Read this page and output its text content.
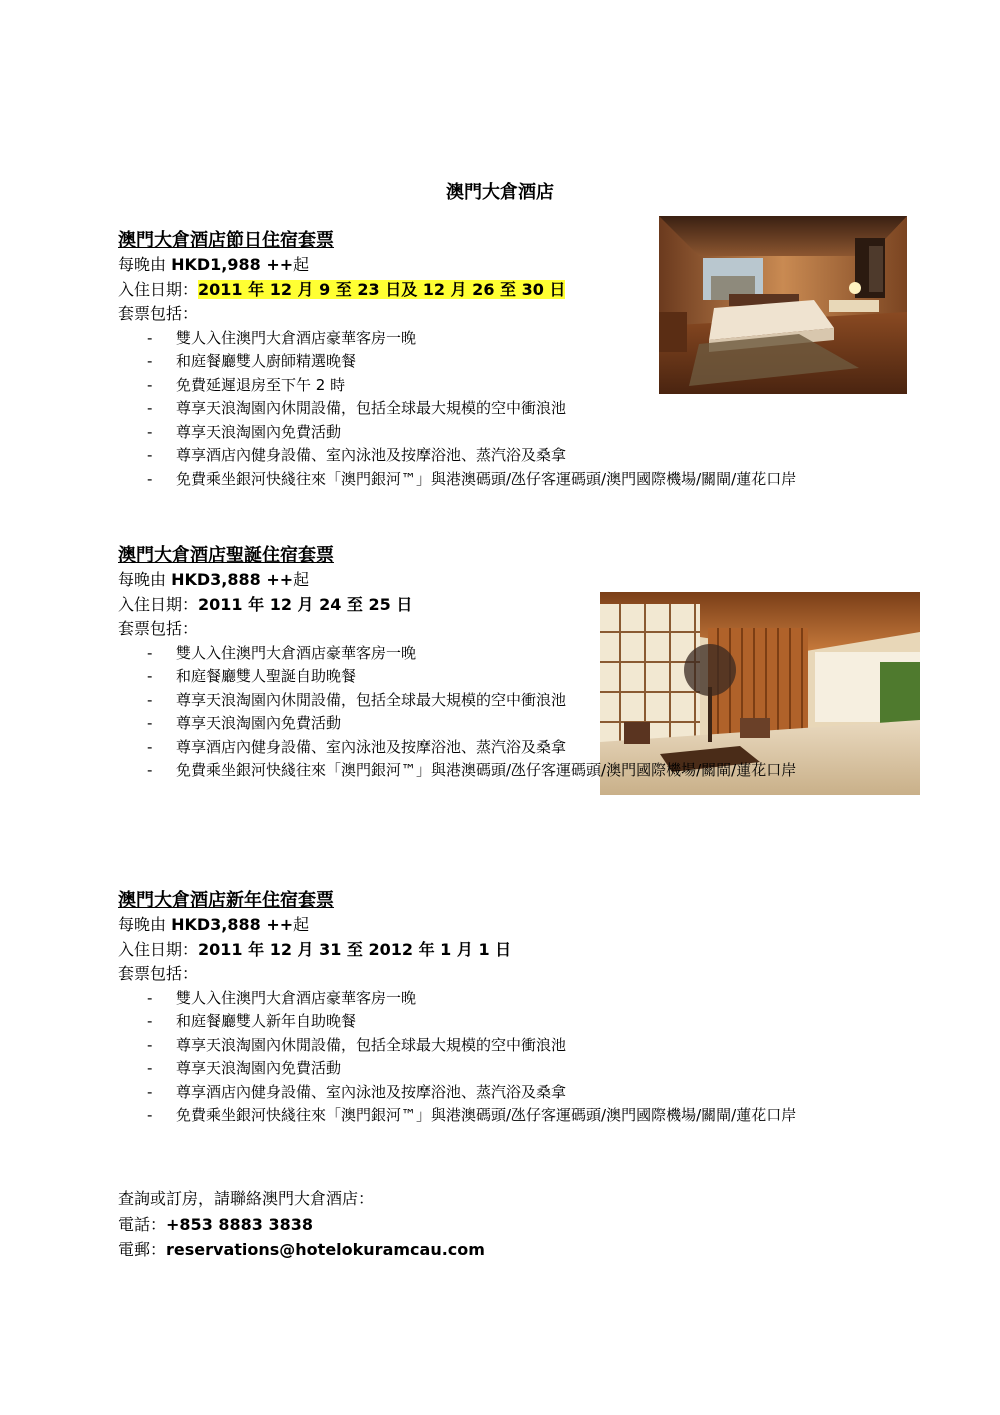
澳門大倉酒店
澳門大倉酒店節日住宿套票
每晚由 HKD1,988 ++起
入住日期：2011 年 12 月 9 至 23 日及 12 月 26 至 30 日
套票包括：
- 雙人入住澳門大倉酒店豪華客房一晚
- 和庭餐廳雙人廚師精選晚餐
- 免費延遲退房至下午 2 時
- 尊享天浪淘園內休閒設備，包括全球最大規模的空中衝浪池
- 尊享天浪淘園內免費活動
- 尊享酒店內健身設備、室內泳池及按摩浴池、蒸汽浴及桑拿
- 免費乘坐銀河快綫往來「澳門銀河™」與港澳碼頭/氹仔客運碼頭/澳門國際機場/關閘/蓮花口岸
澳門大倉酒店聖誕住宿套票
每晚由 HKD3,888 ++起
入住日期：2011 年 12 月 24 至 25 日
套票包括：
- 雙人入住澳門大倉酒店豪華客房一晚
- 和庭餐廳雙人聖誕自助晚餐
- 尊享天浪淘園內休閒設備，包括全球最大規模的空中衝浪池
- 尊享天浪淘園內免費活動
- 尊享酒店內健身設備、室內泳池及按摩浴池、蒸汽浴及桑拿
- 免費乘坐銀河快綫往來「澳門銀河™」與港澳碼頭/氹仔客運碼頭/澳門國際機場/關閘/蓮花口岸
澳門大倉酒店新年住宿套票
每晚由 HKD3,888 ++起
入住日期：2011 年 12 月 31 至 2012 年 1 月 1 日
套票包括：
- 雙人入住澳門大倉酒店豪華客房一晚
- 和庭餐廳雙人新年自助晚餐
- 尊享天浪淘園內休閒設備，包括全球最大規模的空中衝浪池
- 尊享天浪淘園內免費活動
- 尊享酒店內健身設備、室內泳池及按摩浴池、蒸汽浴及桑拿
- 免費乘坐銀河快綫往來「澳門銀河™」與港澳碼頭/氹仔客運碼頭/澳門國際機場/關閘/蓮花口岸
查詢或訂房，請聯絡澳門大倉酒店：
電話：+853 8883 3838
電郵：reservations@hotelokuramcau.com
